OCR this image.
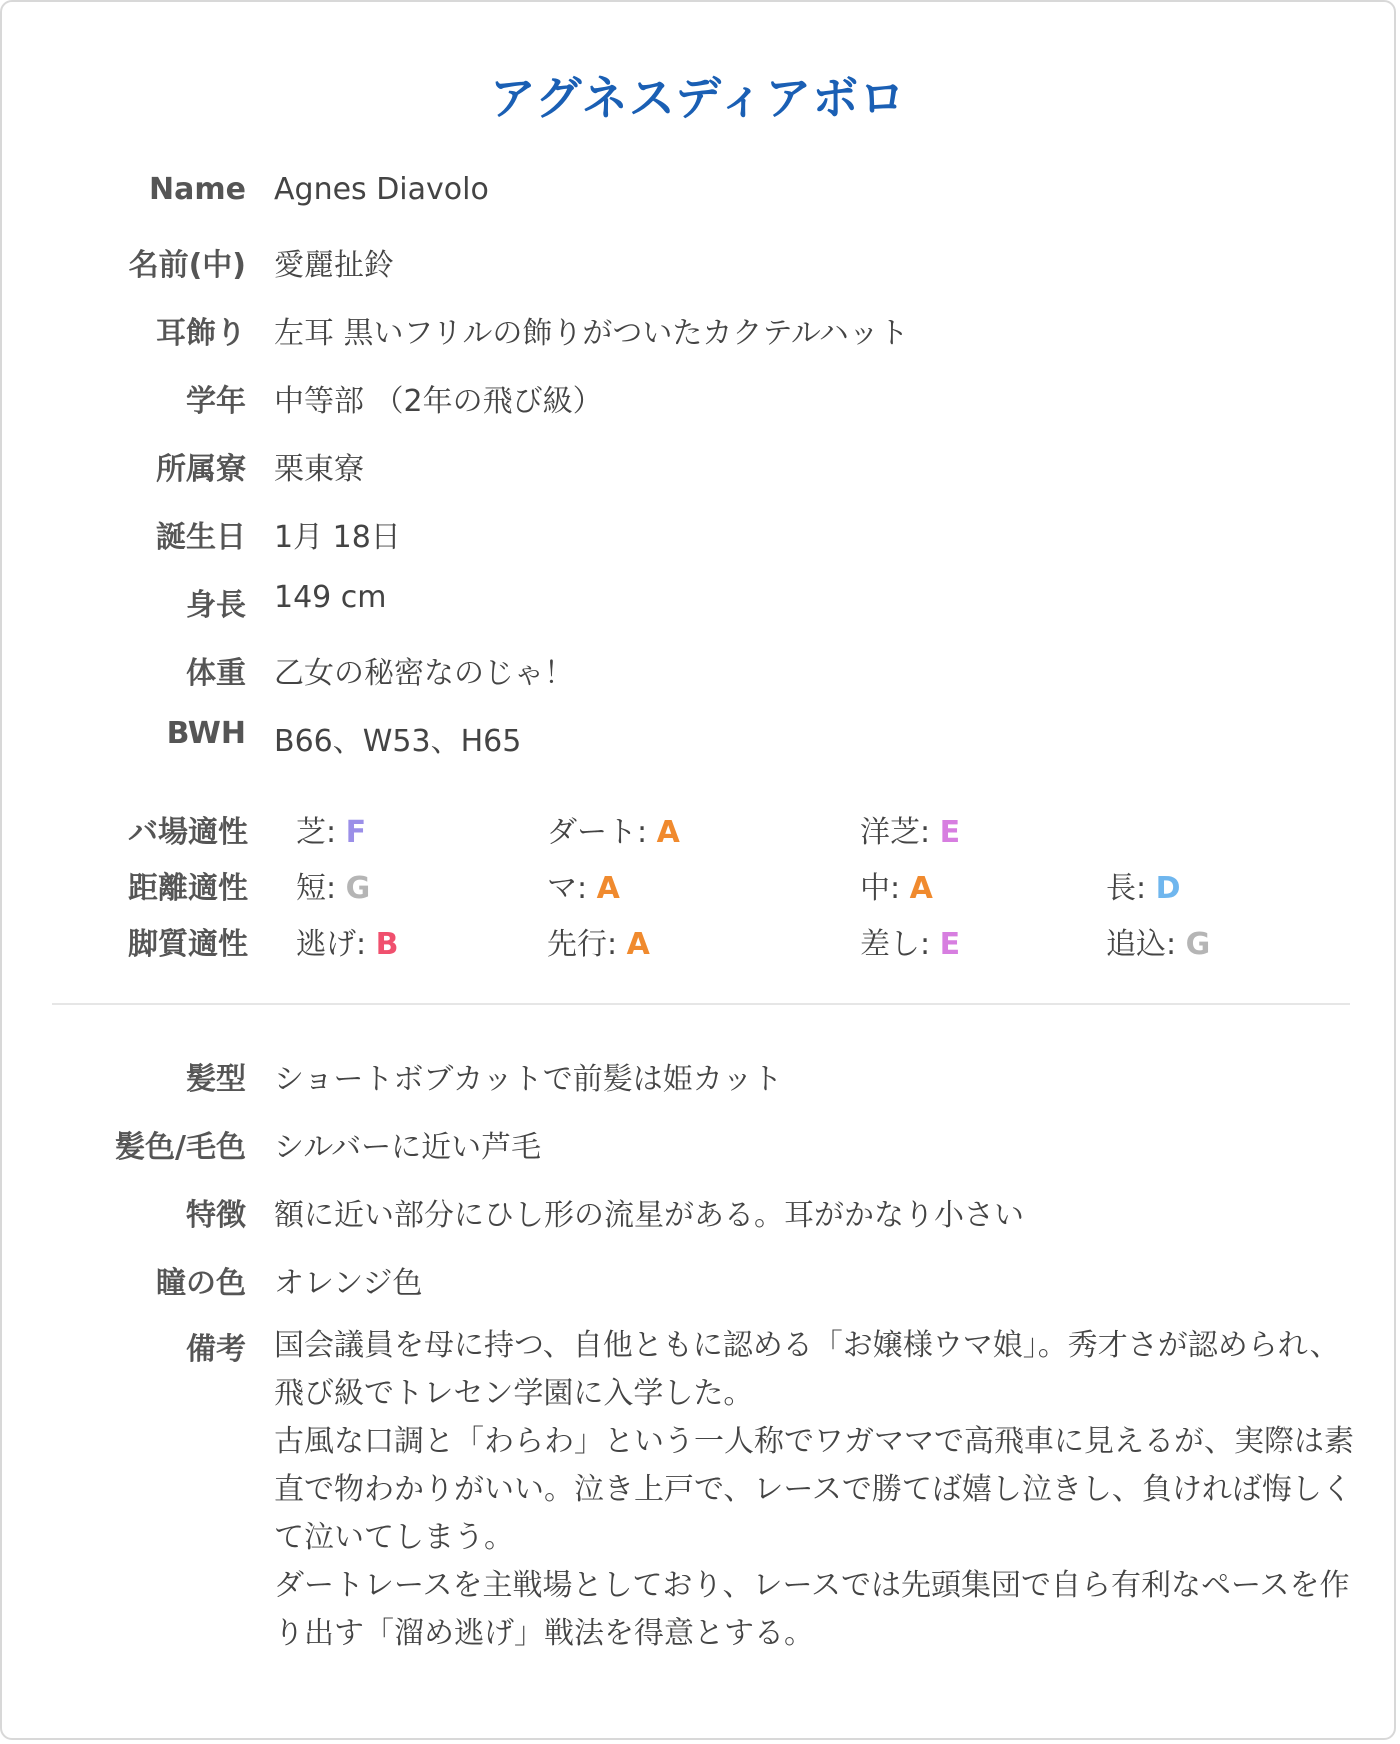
アグネスディアボロ
Name Agnes Diavolo
名前(中) 愛麗扯鈴
耳飾り 左耳 黒いフリルの飾りがついたカクテルハット
学年 中等部 （2年の飛び級）
所属寮 栗東寮
誕生日 1月 18日
身長 149 cm
体重 乙女の秘密なのじゃ！
BWH B66、W53、H65
バ場適性 芝: F	ダート: A	洋芝: E
距離適性 短: G	マ: A	中: A	長: D
脚質適性 逃げ: B	先行: A	差し: E	追込: G
髪型 ショートボブカットで前髪は姫カット
髪色/毛色 シルバーに近い芦毛
特徴 額に近い部分にひし形の流星がある。耳がかなり小さい
瞳の色 オレンジ色
備考 国会議員を母に持つ、自他ともに認める「お嬢様ウマ娘」。秀才さが認められ、飛び級でトレセン学園に入学した。

古風な口調と「わらわ」という一人称でワガママで高飛車に見えるが、実際は素直で物わかりがいい。泣き上戸で、レースで勝てば嬉し泣きし、負ければ悔しくて泣いてしまう。

ダートレースを主戦場としており、レースでは先頭集団で自ら有利なペースを作り出す「溜め逃げ」戦法を得意とする。
